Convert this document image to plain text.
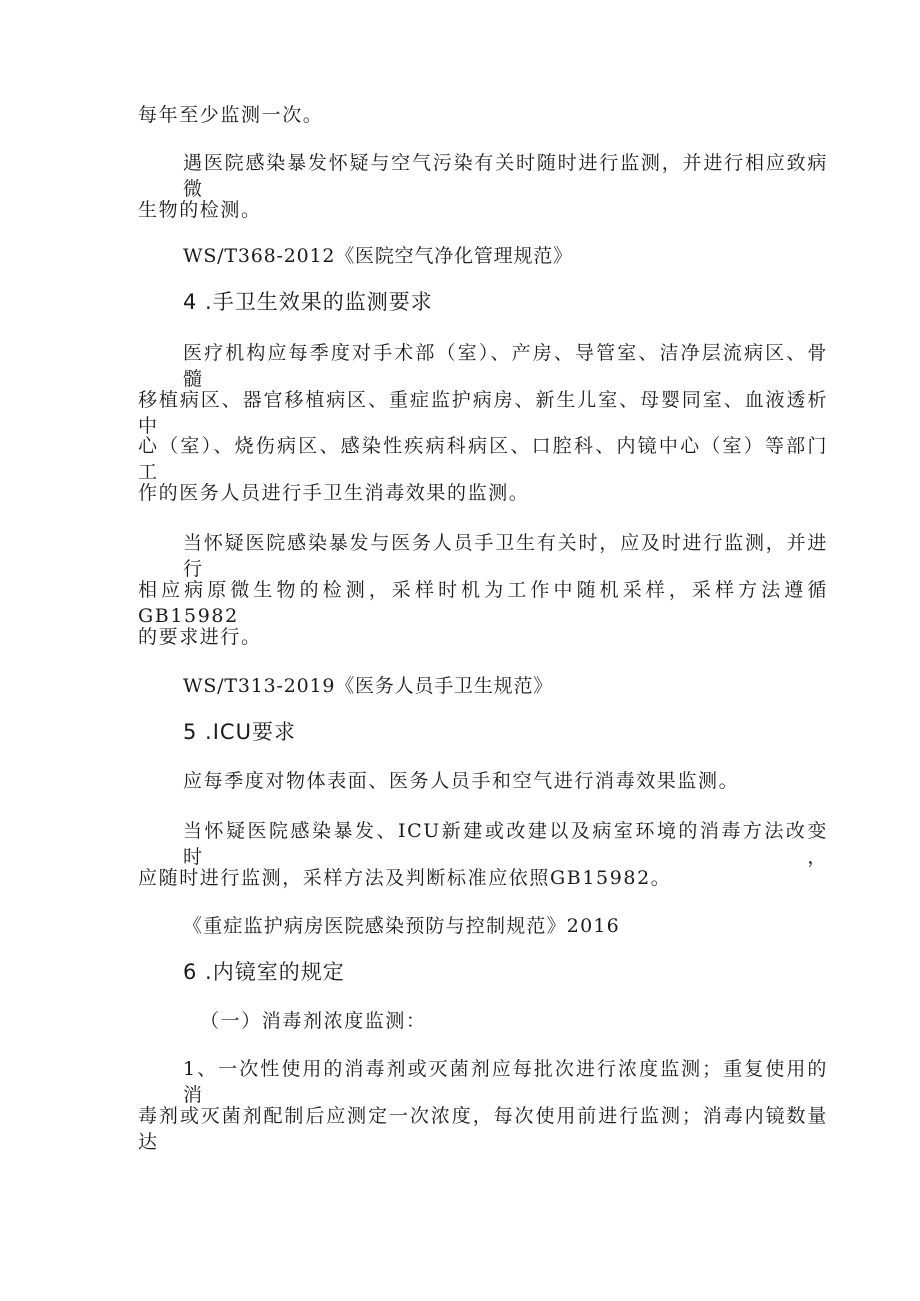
每年至少监测一次。
遇医院感染暴发怀疑与空气污染有关时随时进行监测，并进行相应致病微
生物的检测。
WS/T368-2012《医院空气净化管理规范》
4 .手卫生效果的监测要求
医疗机构应每季度对手术部（室）、产房、导管室、洁净层流病区、骨髓
移植病区、器官移植病区、重症监护病房、新生儿室、母婴同室、血液透析中
心（室）、烧伤病区、感染性疾病科病区、口腔科、内镜中心（室）等部门工
作的医务人员进行手卫生消毒效果的监测。
当怀疑医院感染暴发与医务人员手卫生有关时，应及时进行监测，并进行
相应病原微生物的检测，采样时机为工作中随机采样，采样方法遵循GB15982
的要求进行。
WS/T313-2019《医务人员手卫生规范》
5 .ICU要求
应每季度对物体表面、医务人员手和空气进行消毒效果监测。
当怀疑医院感染暴发、ICU新建或改建以及病室环境的消毒方法改变时，
应随时进行监测，采样方法及判断标准应依照GB15982。
《重症监护病房医院感染预防与控制规范》2016
6 .内镜室的规定
（一）消毒剂浓度监测：
1、一次性使用的消毒剂或灭菌剂应每批次进行浓度监测；重复使用的消
毒剂或灭菌剂配制后应测定一次浓度，每次使用前进行监测；消毒内镜数量达
